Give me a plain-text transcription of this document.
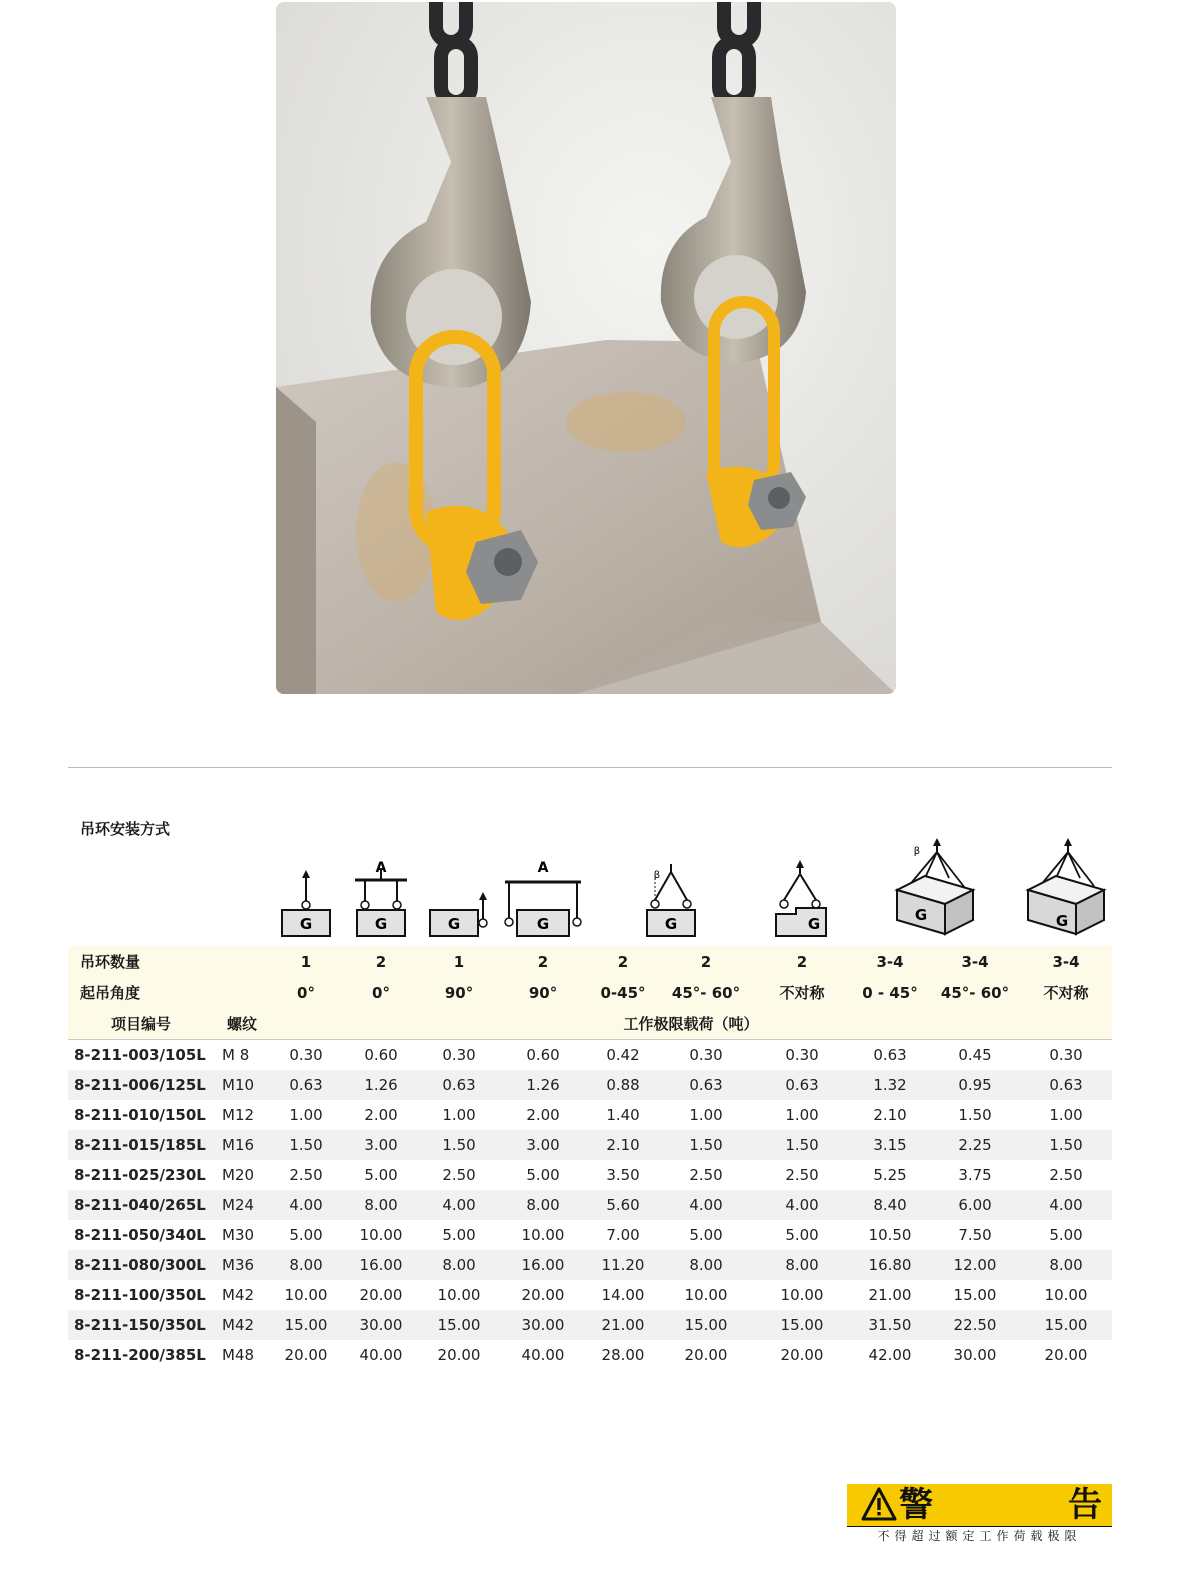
吊环安装方式		G	A
G	G	A
G	β
G		G	β
G		G

吊环数量		1	2	1	2	2	2	2	3-4	3-4	3-4
起吊角度		0°	0°	90°	90°	0-45°	45°- 60°	不对称	0 - 45°	45°- 60°	不对称
项目编号	螺纹	工作极限载荷（吨）									
8-211-003/105L	M 8	0.30	0.60	0.30	0.60	0.42	0.30	0.30	0.63	0.45	0.30
8-211-006/125L	M10	0.63	1.26	0.63	1.26	0.88	0.63	0.63	1.32	0.95	0.63
8-211-010/150L	M12	1.00	2.00	1.00	2.00	1.40	1.00	1.00	2.10	1.50	1.00
8-211-015/185L	M16	1.50	3.00	1.50	3.00	2.10	1.50	1.50	3.15	2.25	1.50
8-211-025/230L	M20	2.50	5.00	2.50	5.00	3.50	2.50	2.50	5.25	3.75	2.50
8-211-040/265L	M24	4.00	8.00	4.00	8.00	5.60	4.00	4.00	8.40	6.00	4.00
8-211-050/340L	M30	5.00	10.00	5.00	10.00	7.00	5.00	5.00	10.50	7.50	5.00
8-211-080/300L	M36	8.00	16.00	8.00	16.00	11.20	8.00	8.00	16.80	12.00	8.00
8-211-100/350L	M42	10.00	20.00	10.00	20.00	14.00	10.00	10.00	21.00	15.00	10.00
8-211-150/350L	M42	15.00	30.00	15.00	30.00	21.00	15.00	15.00	31.50	22.50	15.00
8-211-200/385L	M48	20.00	40.00	20.00	40.00	28.00	20.00	20.00	42.00	30.00	20.00
警	告
不得超过额定工作荷载极限
